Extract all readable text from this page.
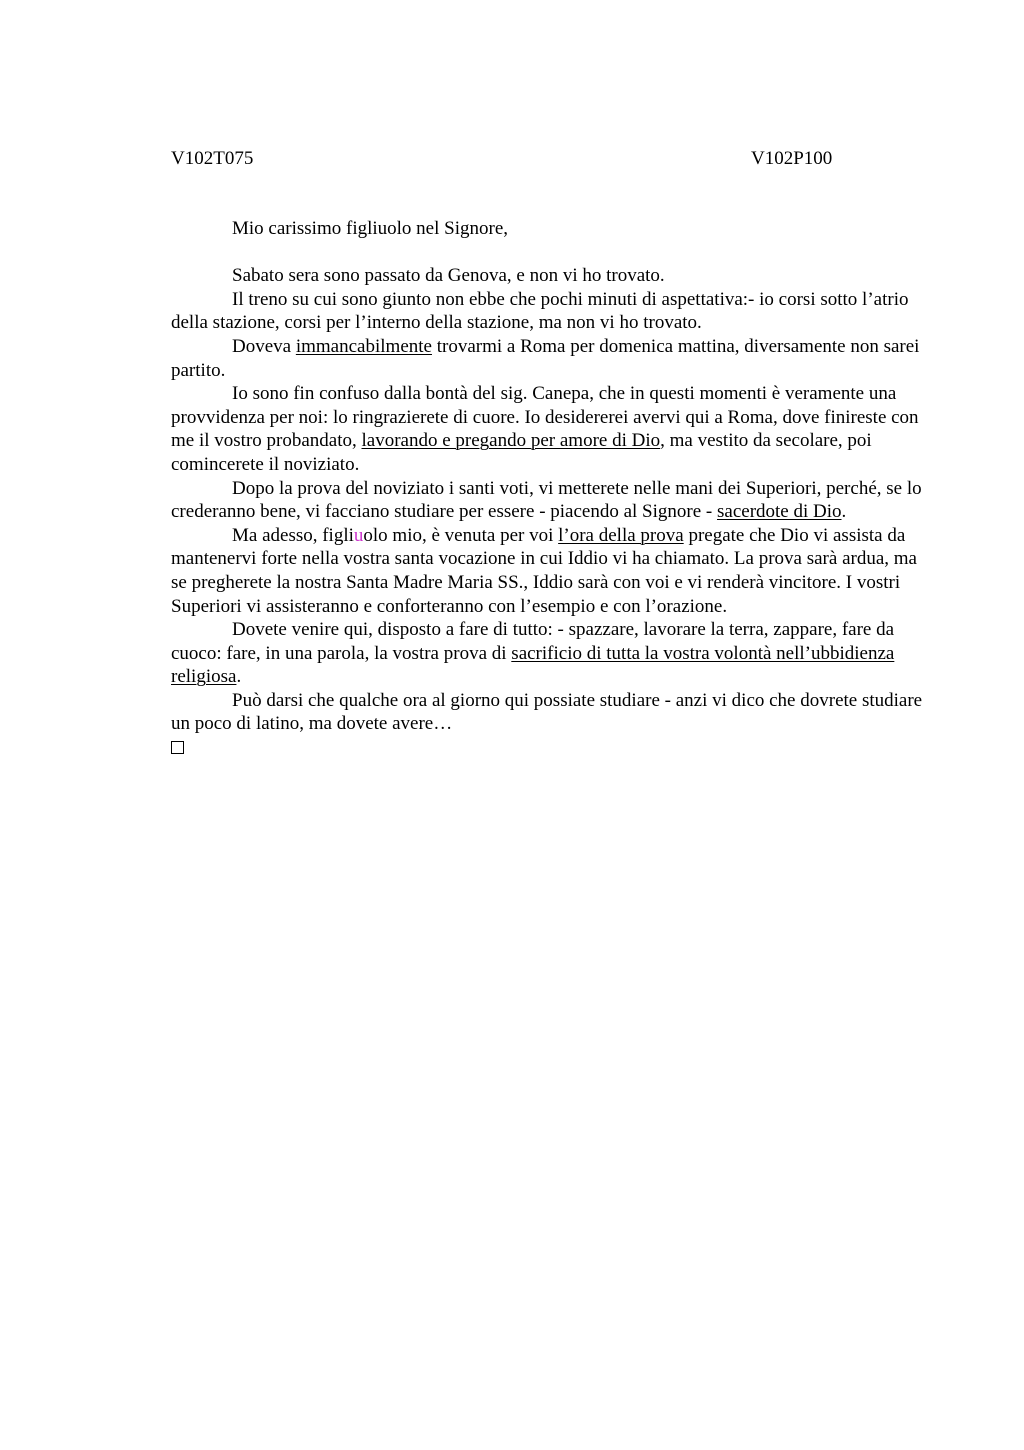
V102T075	V102P100

Mio carissimo figliuolo nel Signore,

Sabato sera sono passato da Genova, e non vi ho trovato.

Il treno su cui sono giunto non ebbe che pochi minuti di aspettativa:- io corsi sotto l’atrio della stazione, corsi per l’interno della stazione, ma non vi ho trovato.

Doveva immancabilmente trovarmi a Roma per domenica mattina, diversamente non sarei partito.

Io sono fin confuso dalla bontà del sig. Canepa, che in questi momenti è veramente una provvidenza per noi: lo ringrazierete di cuore. Io desidererei avervi qui a Roma, dove finireste con me il vostro probandato, lavorando e pregando per amore di Dio, ma vestito da secolare, poi comincerete il noviziato.

Dopo la prova del noviziato i santi voti, vi metterete nelle mani dei Superiori, perché, se lo crederanno bene, vi facciano studiare per essere - piacendo al Signore - sacerdote di Dio.

Ma adesso, figliuolo mio, è venuta per voi l’ora della prova pregate che Dio vi assista da mantenervi forte nella vostra santa vocazione in cui Iddio vi ha chiamato. La prova sarà ardua, ma se pregherete la nostra Santa Madre Maria SS., Iddio sarà con voi e vi renderà vincitore. I vostri Superiori vi assisteranno e conforteranno con l’esempio e con l’orazione.

Dovete venire qui, disposto a fare di tutto: - spazzare, lavorare la terra, zappare, fare da cuoco: fare, in una parola, la vostra prova di sacrificio di tutta la vostra volontà nell’ubbidienza religiosa.

Può darsi che qualche ora al giorno qui possiate studiare - anzi vi dico che dovrete studiare un poco di latino, ma dovete avere…
